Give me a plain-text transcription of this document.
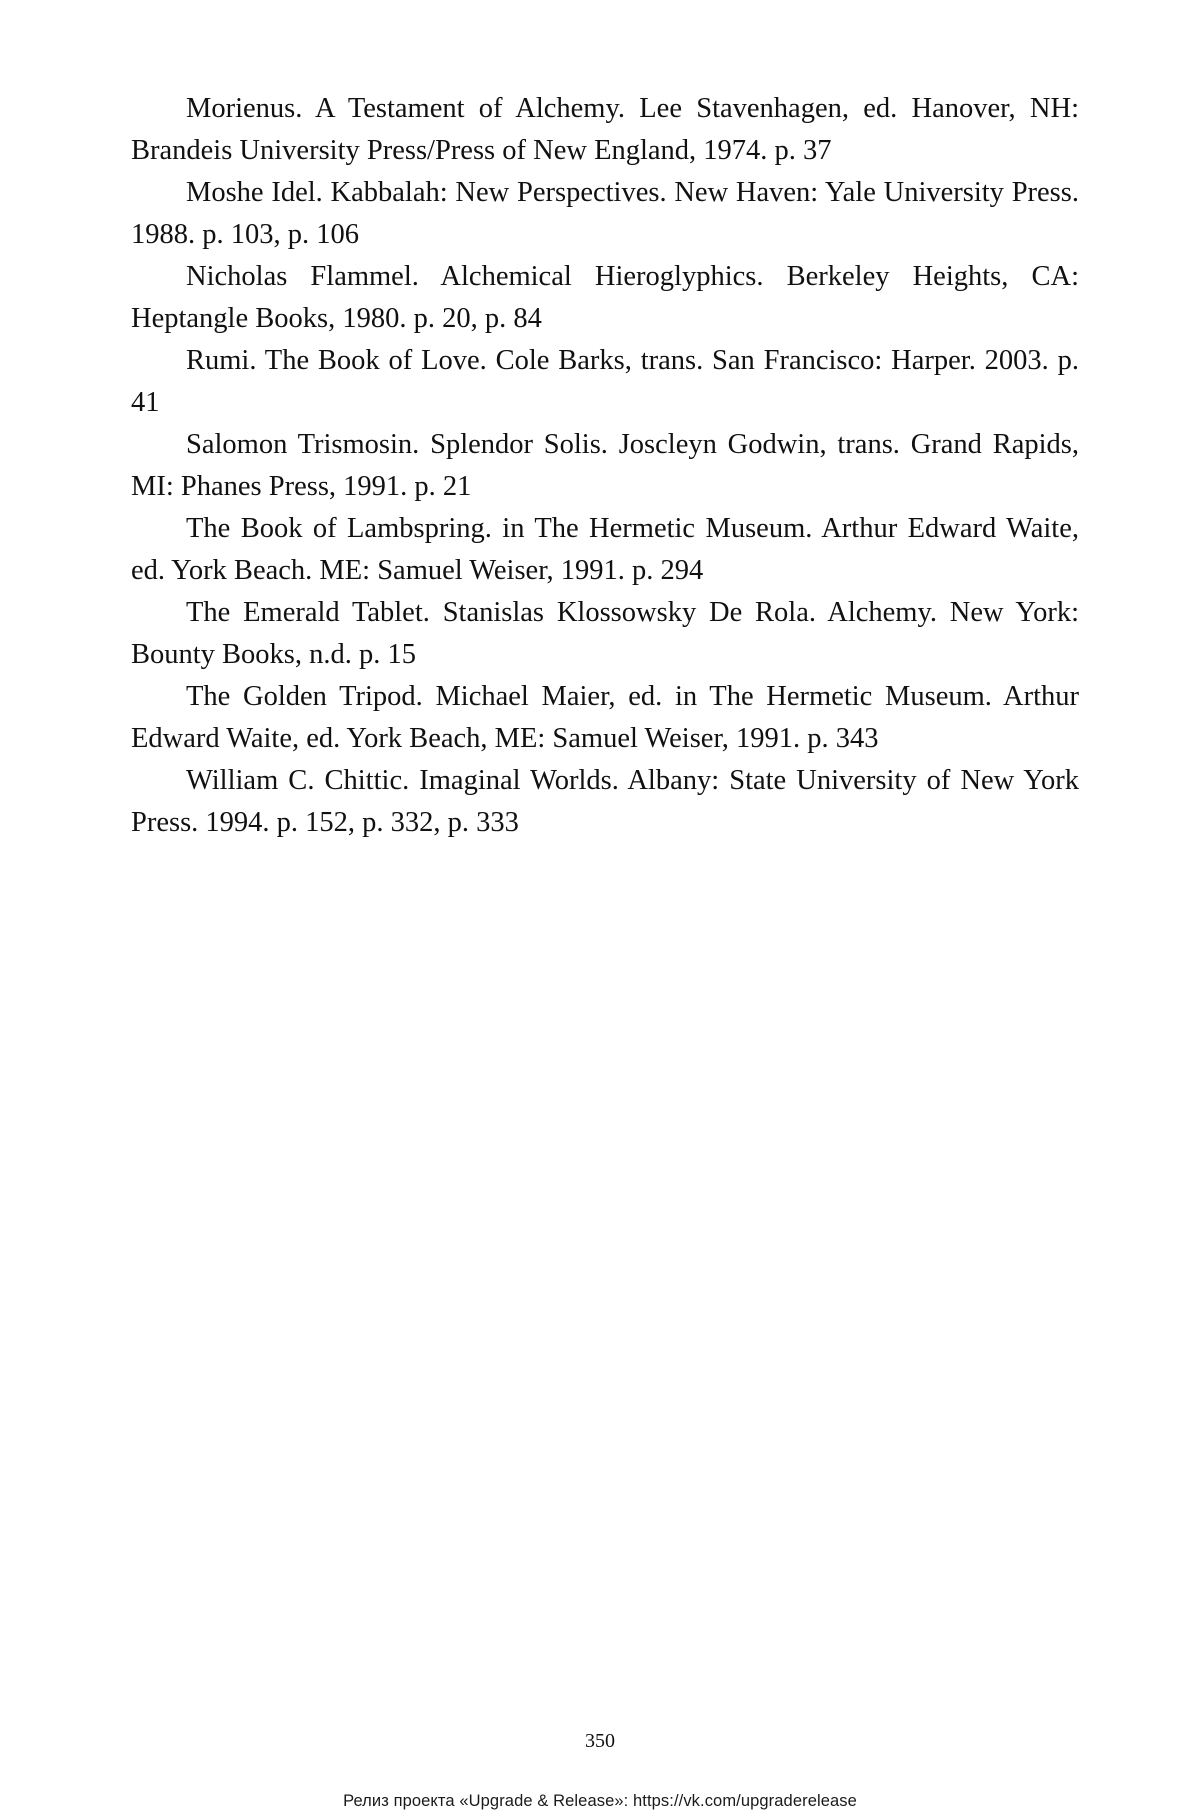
Morienus. A Testament of Alchemy. Lee Stavenhagen, ed. Hanover, NH: Brandeis University Press/Press of New England, 1974. p. 37
Moshe Idel. Kabbalah: New Perspectives. New Haven: Yale University Press. 1988. p. 103, p. 106
Nicholas Flammel. Alchemical Hieroglyphics. Berkeley Heights, CA: Heptangle Books, 1980. p. 20, p. 84
Rumi. The Book of Love. Cole Barks, trans. San Francisco: Harper. 2003. p. 41
Salomon Trismosin. Splendor Solis. Joscleyn Godwin, trans. Grand Rapids, MI: Phanes Press, 1991. p. 21
The Book of Lambspring. in The Hermetic Museum. Arthur Edward Waite, ed. York Beach. ME: Samuel Weiser, 1991. p. 294
The Emerald Tablet. Stanislas Klossowsky De Rola. Alchemy. New York: Bounty Books, n.d. p. 15
The Golden Tripod. Michael Maier, ed. in The Hermetic Museum. Arthur Edward Waite, ed. York Beach, ME: Samuel Weiser, 1991. p. 343
William C. Chittic. Imaginal Worlds. Albany: State University of New York Press. 1994. p. 152, p. 332, p. 333
350
Релиз проекта «Upgrade & Release»: https://vk.com/upgraderelease
